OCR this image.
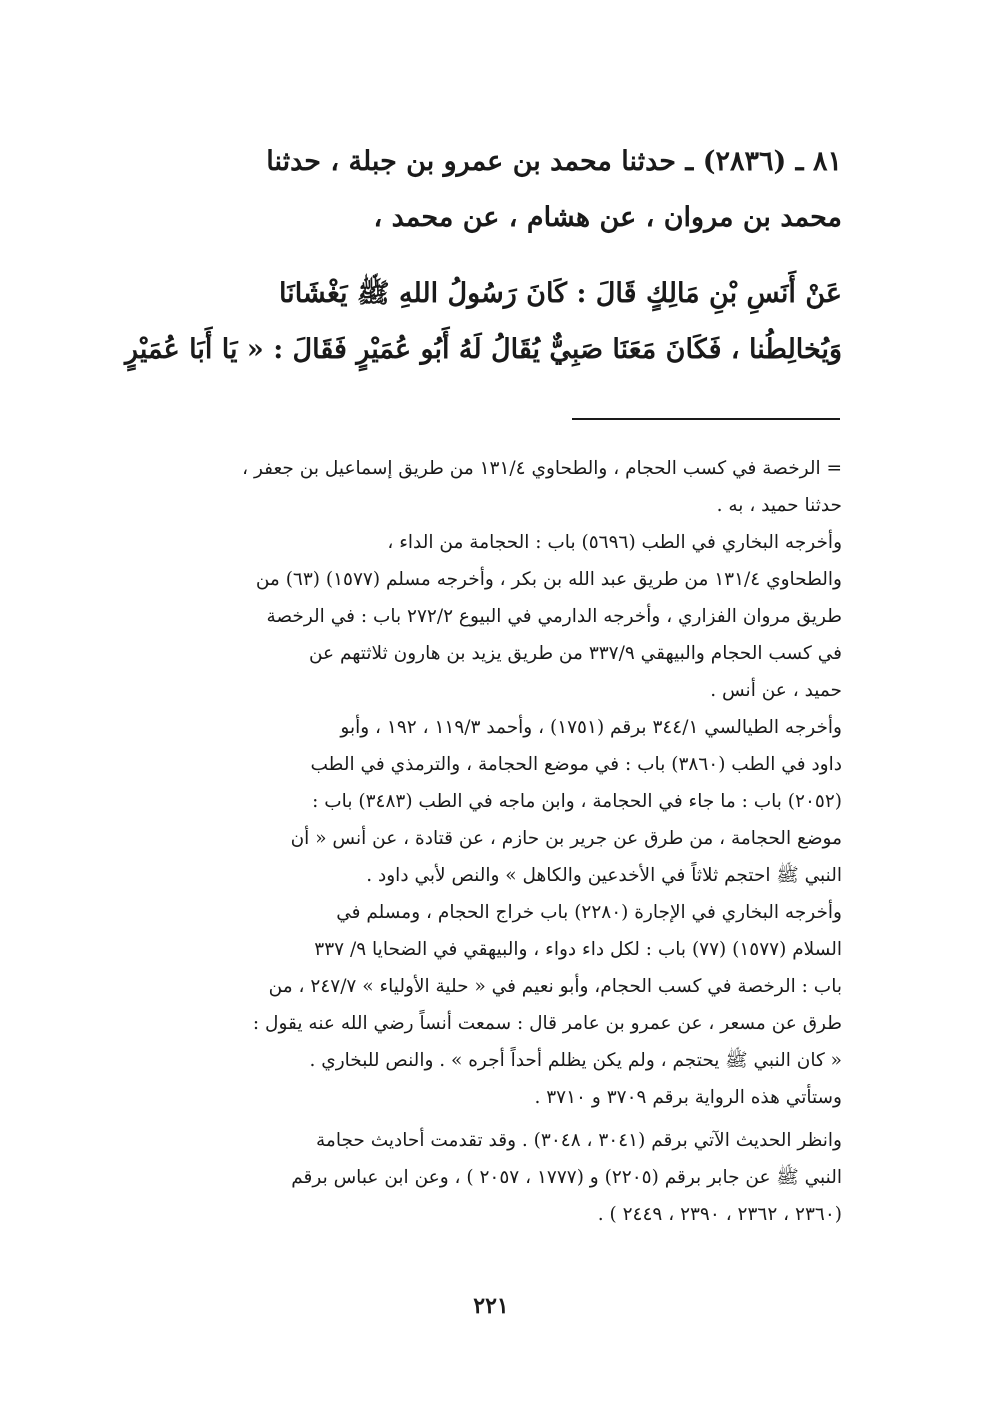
٨١ ـ (٢٨٣٦) ـ حدثنا محمد بن عمرو بن جبلة ، حدثنا
محمد بن مروان ، عن هشام ، عن محمد ،
عَنْ أَنَسِ بْنِ مَالِكٍ قَالَ : كَانَ رَسُولُ اللهِ ﷺ يَغْشَانَا
وَيُخالِطُنا ، فَكَانَ مَعَنَا صَبِيٌّ يُقَالُ لَهُ أَبُو عُمَيْرٍ فَقَالَ : « يَا أَبَا عُمَيْرٍ
= الرخصة في كسب الحجام ، والطحاوي ١٣١/٤ من طريق إسماعيل بن جعفر ،
حدثنا حميد ، به .
وأخرجه البخاري في الطب (٥٦٩٦) باب : الحجامة من الداء ،
والطحاوي ١٣١/٤ من طريق عبد الله بن بكر ، وأخرجه مسلم (١٥٧٧) (٦٣) من
طريق مروان الفزاري ، وأخرجه الدارمي في البيوع ٢٧٢/٢ باب : في الرخصة
في كسب الحجام والبيهقي ٣٣٧/٩ من طريق يزيد بن هارون ثلاثتهم عن
حميد ، عن أنس .
وأخرجه الطيالسي ٣٤٤/١ برقم (١٧٥١) ، وأحمد ١١٩/٣ ، ١٩٢ ، وأبو
داود في الطب (٣٨٦٠) باب : في موضع الحجامة ، والترمذي في الطب
(٢٠٥٢) باب : ما جاء في الحجامة ، وابن ماجه في الطب (٣٤٨٣) باب :
موضع الحجامة ، من طرق عن جرير بن حازم ، عن قتادة ، عن أنس « أن
النبي ﷺ احتجم ثلاثاً في الأخدعين والكاهل » والنص لأبي داود .
وأخرجه البخاري في الإجارة (٢٢٨٠) باب خراج الحجام ، ومسلم في
السلام (١٥٧٧) (٧٧) باب : لكل داء دواء ، والبيهقي في الضحايا ٩/ ٣٣٧
باب : الرخصة في كسب الحجام، وأبو نعيم في « حلية الأولياء » ٢٤٧/٧ ، من
طرق عن مسعر ، عن عمرو بن عامر قال : سمعت أنساً رضي الله عنه يقول :
« كان النبي ﷺ يحتجم ، ولم يكن يظلم أحداً أجره » . والنص للبخاري .
وستأتي هذه الرواية برقم ٣٧٠٩ و ٣٧١٠ .
وانظر الحديث الآتي برقم (٣٠٤١ ، ٣٠٤٨) . وقد تقدمت أحاديث حجامة
النبي ﷺ عن جابر برقم (٢٢٠٥) و (١٧٧٧ ، ٢٠٥٧ ) ، وعن ابن عباس برقم
(٢٣٦٠ ، ٢٣٦٢ ، ٢٣٩٠ ، ٢٤٤٩ ) .
٢٢١
